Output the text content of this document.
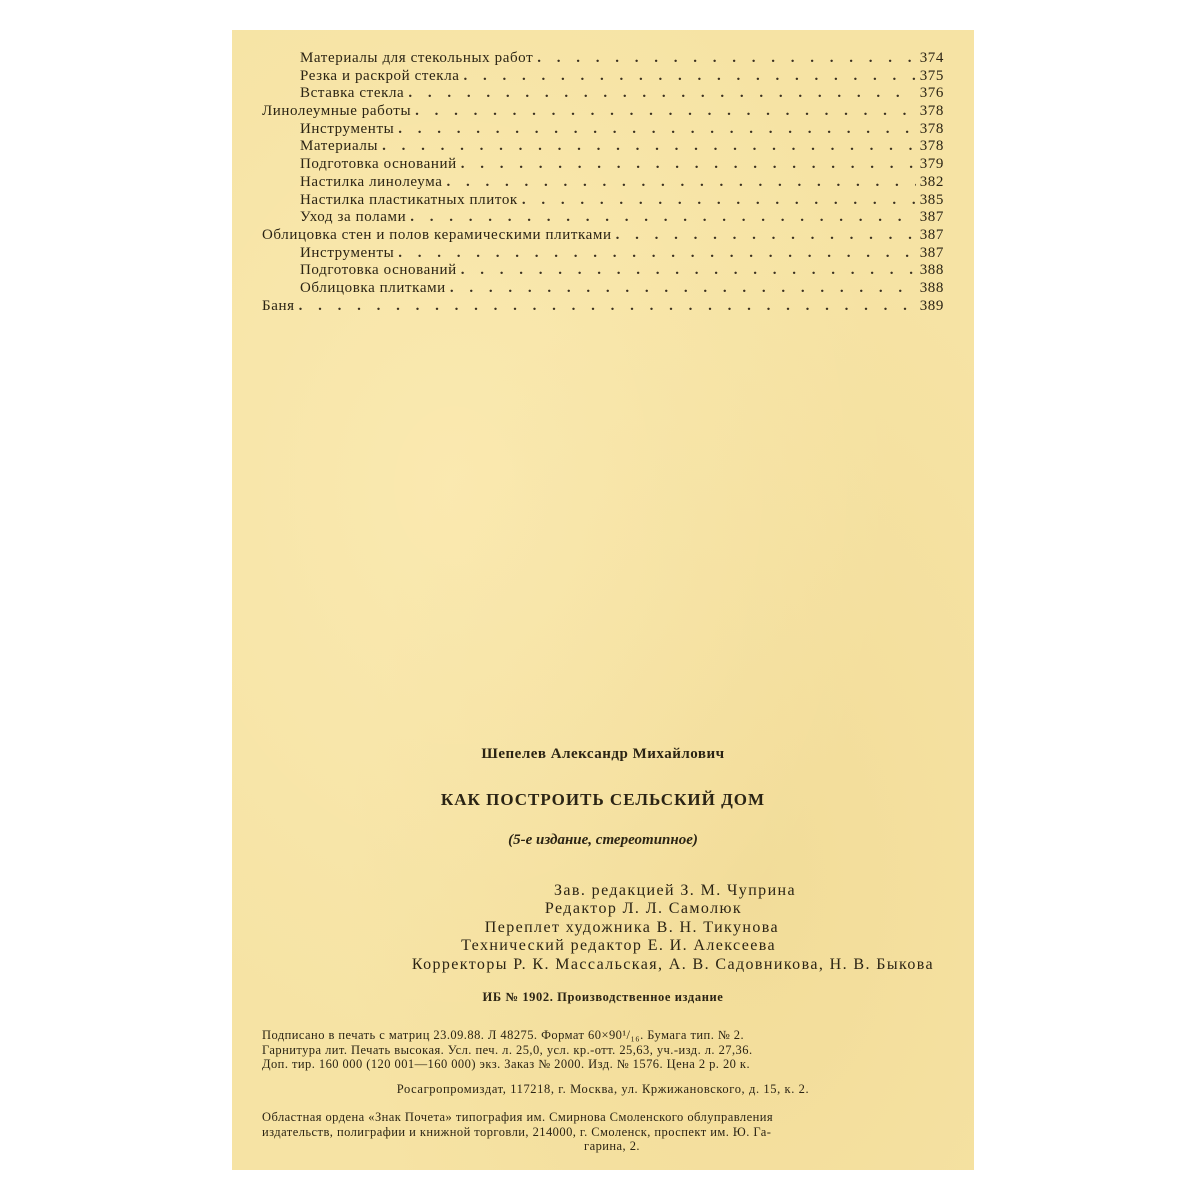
Материалы для стекольных работ . . .	374
Резка и раскрой стекла . . .	375
Вставка стекла . . .	376
Линолеумные работы . . .	378
Инструменты . . .	378
Материалы . . .	378
Подготовка оснований . . .	379
Настилка линолеума . . .	382
Настилка пластикатных плиток . . .	385
Уход за полами . . .	387
Облицовка стен и полов керамическими плитками . . .	387
Инструменты . . .	387
Подготовка оснований . . .	388
Облицовка плитками . . .	388
Баня . . .	389
Шепелев Александр Михайлович
КАК ПОСТРОИТЬ СЕЛЬСКИЙ ДОМ
(5-е издание, стереотипное)
Зав. редакцией З. М. Чуприна
Редактор Л. Л. Самолюк
Переплет художника В. Н. Тикунова
Технический редактор Е. И. Алексеева
Корректоры Р. К. Массальская, А. В. Садовникова, Н. В. Быкова
ИБ № 1902. Производственное издание
Подписано в печать с матриц 23.09.88. Л 48275. Формат 60×90¹/₁₆. Бумага тип. № 2.
Гарнитура лит. Печать высокая. Усл. печ. л. 25,0, усл. кр.-отт. 25,63, уч.-изд. л. 27,36.
Доп. тир. 160 000 (120 001—160 000) экз. Заказ № 2000. Изд. № 1576. Цена 2 р. 20 к.
Росагропромиздат, 117218, г. Москва, ул. Кржижановского, д. 15, к. 2.
Областная ордена «Знак Почета» типография им. Смирнова Смоленского облуправления
издательств, полиграфии и книжной торговли, 214000, г. Смоленск, проспект им. Ю. Га-
гарина, 2.
